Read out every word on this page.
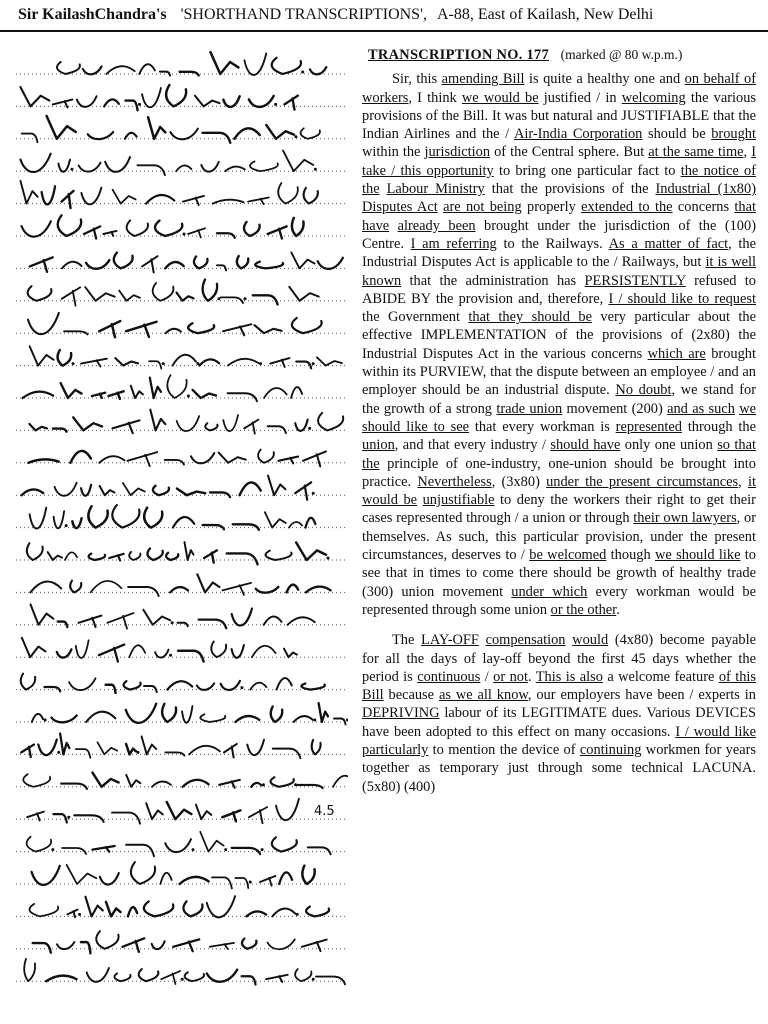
Sir KailashChandra's 'SHORTHAND TRANSCRIPTIONS', A-88, East of Kailash, New Delhi
4.5
TRANSCRIPTION NO. 177 (marked @ 80 w.p.m.)

Sir, this amending Bill is quite a healthy one and on behalf of workers, I think we would be justified / in welcoming the various provisions of the Bill. It was but natural and JUSTIFIABLE that the Indian Airlines and the / Air-India Corporation should be brought within the jurisdiction of the Central sphere. But at the same time, I take / this opportunity to bring one particular fact to the notice of the Labour Ministry that the provisions of the Industrial (1x80) Disputes Act are not being properly extended to the concerns that have already been brought under the jurisdiction of the (100) Centre. I am referring to the Railways. As a matter of fact, the Industrial Disputes Act is applicable to the / Railways, but it is well known that the administration has PERSISTENTLY refused to ABIDE BY the provision and, therefore, I / should like to request the Government that they should be very particular about the effective IMPLEMENTATION of the provisions of (2x80) the Industrial Disputes Act in the various concerns which are brought within its PURVIEW, that the dispute between an employee / and an employer should be an industrial dispute. No doubt, we stand for the growth of a strong trade union movement (200) and as such we should like to see that every workman is represented through the union, and that every industry / should have only one union so that the principle of one-industry, one-union should be brought into practice. Nevertheless, (3x80) under the present circumstances, it would be unjustifiable to deny the workers their right to get their cases represented through / a union or through their own lawyers, or themselves. As such, this particular provision, under the present circumstances, deserves to / be welcomed though we should like to see that in times to come there should be growth of healthy trade (300) union movement under which every workman would be represented through some union or the other.

The LAY-OFF compensation would (4x80) become payable for all the days of lay-off beyond the first 45 days whether the period is continuous / or not. This is also a welcome feature of this Bill because as we all know, our employers have been / experts in DEPRIVING labour of its LEGITIMATE dues. Various DEVICES have been adopted to this effect on many occasions. I / would like particularly to mention the device of continuing workmen for years together as temporary just through some technical LACUNA. (5x80) (400)
